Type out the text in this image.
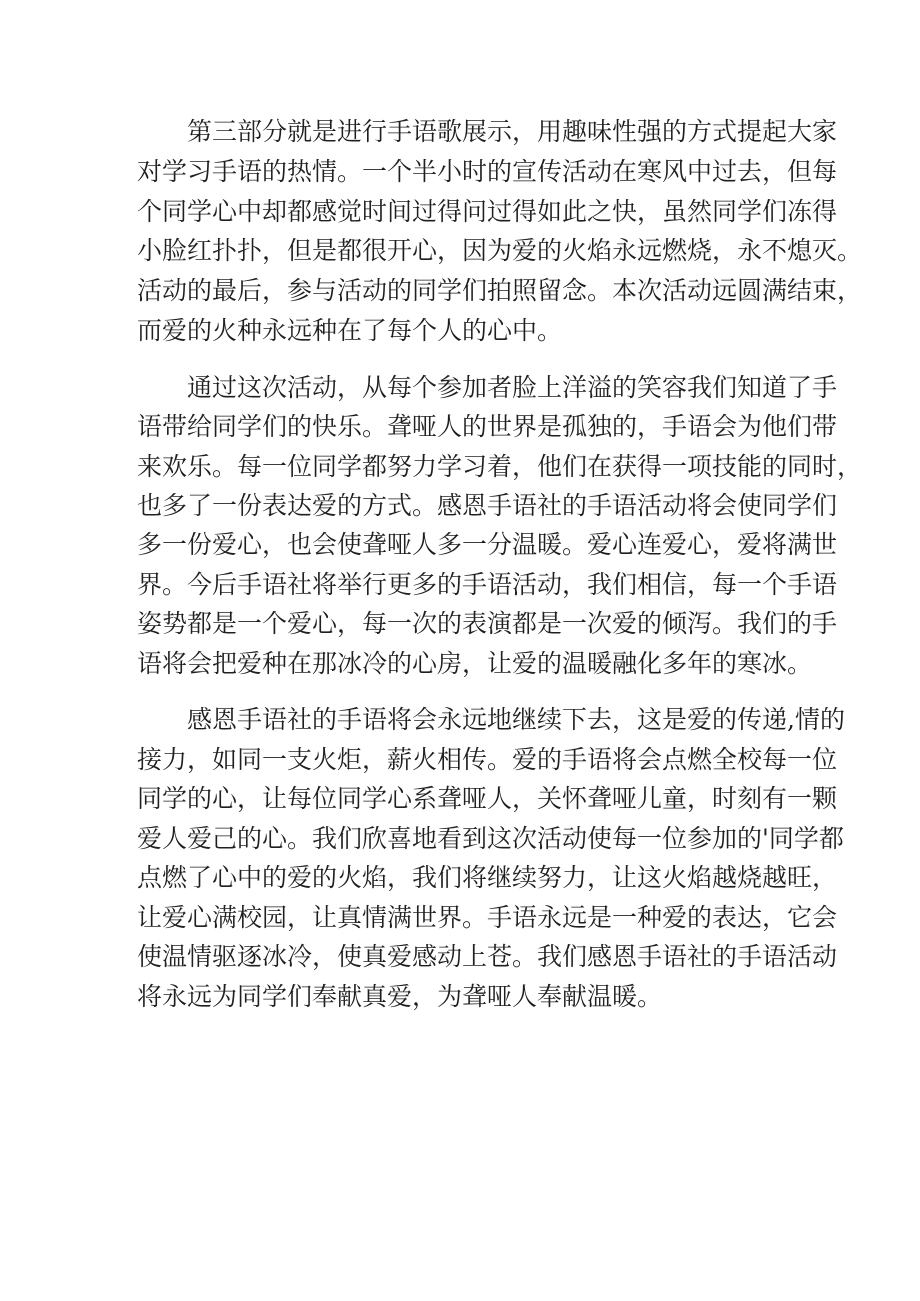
第三部分就是进行手语歌展示，用趣味性强的方式提起大家
对学习手语的热情。一个半小时的宣传活动在寒风中过去，但每
个同学心中却都感觉时间过得问过得如此之快，虽然同学们冻得
小脸红扑扑，但是都很开心，因为爱的火焰永远燃烧，永不熄灭。
活动的最后，参与活动的同学们拍照留念。本次活动远圆满结束，
而爱的火种永远种在了每个人的心中。
通过这次活动，从每个参加者脸上洋溢的笑容我们知道了手
语带给同学们的快乐。聋哑人的世界是孤独的，手语会为他们带
来欢乐。每一位同学都努力学习着，他们在获得一项技能的同时，
也多了一份表达爱的方式。感恩手语社的手语活动将会使同学们
多一份爱心，也会使聋哑人多一分温暖。爱心连爱心，爱将满世
界。今后手语社将举行更多的手语活动，我们相信，每一个手语
姿势都是一个爱心，每一次的表演都是一次爱的倾泻。我们的手
语将会把爱种在那冰冷的心房，让爱的温暖融化多年的寒冰。
感恩手语社的手语将会永远地继续下去，这是爱的传递,情的
接力，如同一支火炬，薪火相传。爱的手语将会点燃全校每一位
同学的心，让每位同学心系聋哑人，关怀聋哑儿童，时刻有一颗
爱人爱己的心。我们欣喜地看到这次活动使每一位参加的'同学都
点燃了心中的爱的火焰，我们将继续努力，让这火焰越烧越旺，
让爱心满校园，让真情满世界。手语永远是一种爱的表达，它会
使温情驱逐冰冷，使真爱感动上苍。我们感恩手语社的手语活动
将永远为同学们奉献真爱，为聋哑人奉献温暖。
